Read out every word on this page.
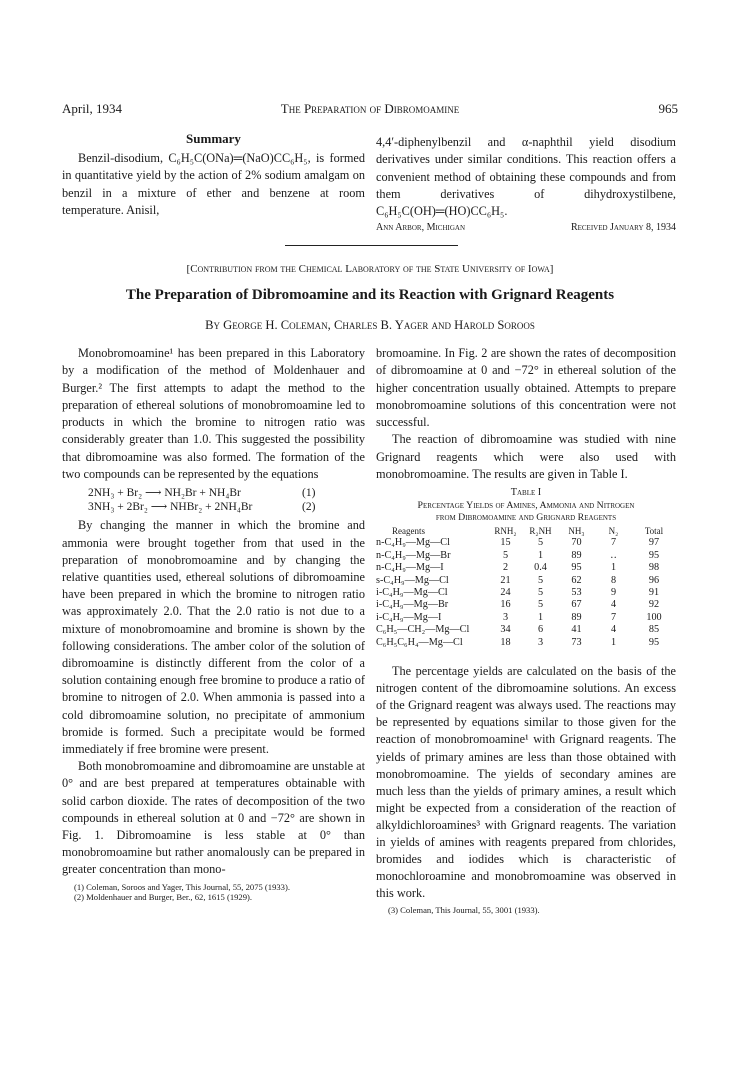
April, 1934	The Preparation of Dibromoamine	965
Summary

Benzil-disodium, C₆H₅C(ONa)═(NaO)CC₆H₅, is formed in quantitative yield by the action of 2% sodium amalgam on benzil in a mixture of ether and benzene at room temperature. Anisil,

4,4′-diphenylbenzil and α-naphthil yield disodium derivatives under similar conditions. This reaction offers a convenient method of obtaining these compounds and from them derivatives of dihydroxystilbene, C₆H₅C(OH)═(HO)CC₆H₅.

Ann Arbor, Michigan	Received January 8, 1934
[Contribution from the Chemical Laboratory of the State University of Iowa]
The Preparation of Dibromoamine and its Reaction with Grignard Reagents
By George H. Coleman, Charles B. Yager and Harold Soroos

Monobromoamine¹ has been prepared in this Laboratory by a modification of the method of Moldenhauer and Burger.² The first attempts to adapt the method to the preparation of ethereal solutions of monobromoamine led to products in which the bromine to nitrogen ratio was considerably greater than 1.0. This suggested the possibility that dibromoamine was also formed. The formation of the two compounds can be represented by the equations

2NH₃ + Br₂ ⟶ NH₂Br + NH₄Br	(1)
3NH₃ + 2Br₂ ⟶ NHBr₂ + 2NH₄Br	(2)

By changing the manner in which the bromine and ammonia were brought together from that used in the preparation of monobromoamine and by changing the relative quantities used, ethereal solutions of dibromoamine have been prepared in which the bromine to nitrogen ratio was approximately 2.0. That the 2.0 ratio is not due to a mixture of monobromoamine and bromine is shown by the following considerations. The amber color of the solution of dibromoamine is distinctly different from the color of a solution containing enough free bromine to produce a ratio of bromine to nitrogen of 2.0. When ammonia is passed into a cold dibromoamine solution, no precipitate of ammonium bromide is formed. Such a precipitate would be formed immediately if free bromine were present.

Both monobromoamine and dibromoamine are unstable at 0° and are best prepared at temperatures obtainable with solid carbon dioxide. The rates of decomposition of the two compounds in ethereal solution at 0 and −72° are shown in Fig. 1. Dibromoamine is less stable at 0° than monobromoamine but rather anomalously can be prepared in greater concentration than mono-

(1) Coleman, Soroos and Yager, This Journal, 55, 2075 (1933).
(2) Moldenhauer and Burger, Ber., 62, 1615 (1929).

bromoamine. In Fig. 2 are shown the rates of decomposition of dibromoamine at 0 and −72° in ethereal solution of the higher concentration usually obtained. Attempts to prepare monobromoamine solutions of this concentration were not successful.

The reaction of dibromoamine was studied with nine Grignard reagents which were also used with monobromoamine. The results are given in Table I.

Table I
Percentage Yields of Amines, Ammonia and Nitrogen
from Dibromoamine and Grignard Reagents
Reagents	RNH₂	R₂NH	NH₃	N₂	Total
n-C₄H₉—Mg—Cl	15	5	70	7	97
n-C₄H₉—Mg—Br	5	1	89	‥	95
n-C₄H₉—Mg—I	2	0.4	95	1	98
s-C₄H₉—Mg—Cl	21	5	62	8	96
i-C₄H₉—Mg—Cl	24	5	53	9	91
i-C₄H₉—Mg—Br	16	5	67	4	92
i-C₄H₉—Mg—I	3	1	89	7	100
C₆H₅—CH₂—Mg—Cl	34	6	41	4	85
C₆H₅C₆H₄—Mg—Cl	18	3	73	1	95

The percentage yields are calculated on the basis of the nitrogen content of the dibromoamine solutions. An excess of the Grignard reagent was always used. The reactions may be represented by equations similar to those given for the reaction of monobromoamine¹ with Grignard reagents. The yields of primary amines are less than those obtained with monobromoamine. The yields of secondary amines are much less than the yields of primary amines, a result which might be expected from a consideration of the reaction of alkyldichloroamines³ with Grignard reagents. The variation in yields of amines with reagents prepared from chlorides, bromides and iodides which is characteristic of monochloroamine and monobromoamine was observed in this work.

(3) Coleman, This Journal, 55, 3001 (1933).
